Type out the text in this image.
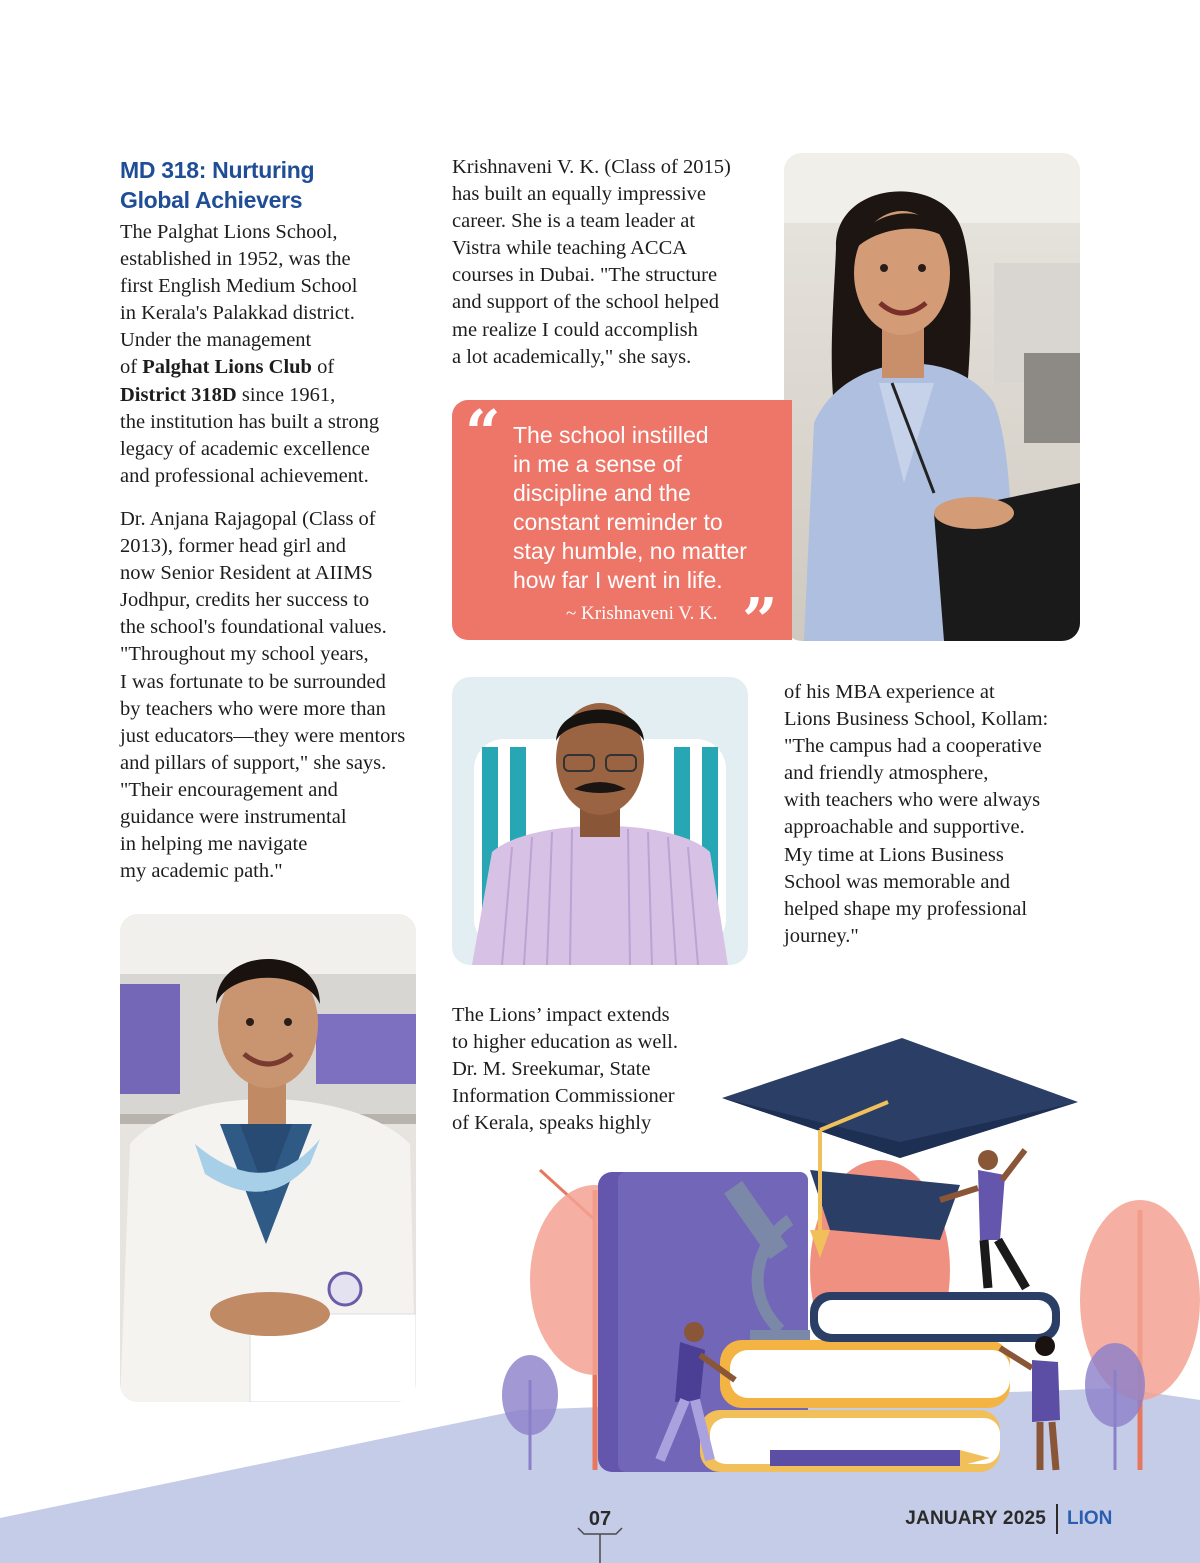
MD 318: Nurturing
Global Achievers
The Palghat Lions School,
established in 1952, was the
first English Medium School
in Kerala's Palakkad district.
Under the management
of Palghat Lions Club of
District 318D since 1961,
the institution has built a strong
legacy of academic excellence
and professional achievement.
Dr. Anjana Rajagopal (Class of
2013), former head girl and
now Senior Resident at AIIMS
Jodhpur, credits her success to
the school's foundational values.
"Throughout my school years,
I was fortunate to be surrounded
by teachers who were more than
just educators—they were mentors
and pillars of support," she says.
"Their encouragement and
guidance were instrumental
in helping me navigate
my academic path."
Krishnaveni V. K. (Class of 2015)
has built an equally impressive
career. She is a team leader at
Vistra while teaching ACCA
courses in Dubai. "The structure
and support of the school helped
me realize I could accomplish
a lot academically," she says.
“ The school instilled
in me a sense of
discipline and the
constant reminder to
stay humble, no matter
how far I went in life.
~ Krishnaveni V. K. ”
of his MBA experience at
Lions Business School, Kollam:
"The campus had a cooperative
and friendly atmosphere,
with teachers who were always
approachable and supportive.
My time at Lions Business
School was memorable and
helped shape my professional
journey."
The Lions’ impact extends
to higher education as well.
Dr. M. Sreekumar, State
Information Commissioner
of Kerala, speaks highly
07	JANUARY 2025 LION
